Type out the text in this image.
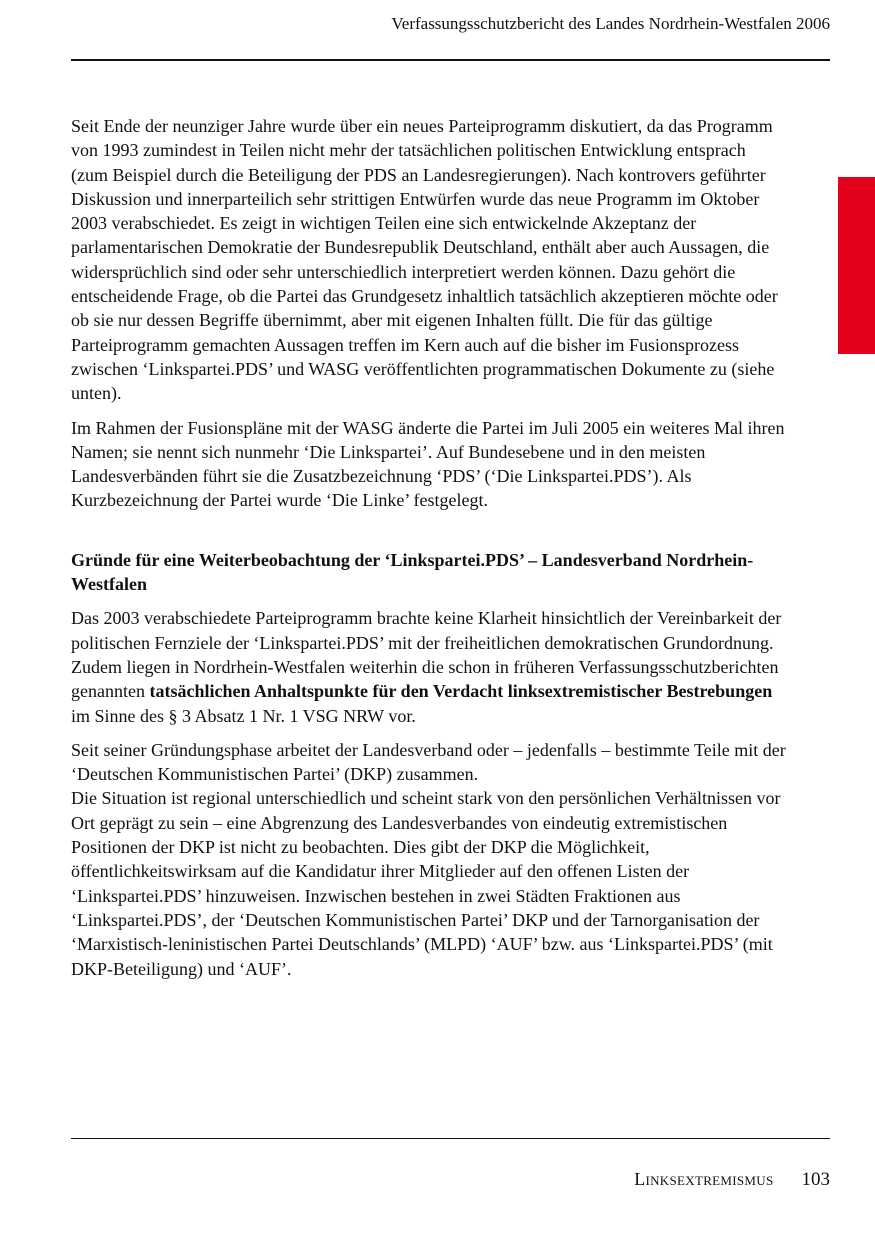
Verfassungsschutzbericht des Landes Nordrhein-Westfalen 2006

Seit Ende der neunziger Jahre wurde über ein neues Parteiprogramm diskutiert, da das Programm von 1993 zumindest in Teilen nicht mehr der tatsächlichen politischen Entwicklung entsprach (zum Beispiel durch die Beteiligung der PDS an Landesregierungen). Nach kontrovers geführter Diskussion und innerparteilich sehr strittigen Entwürfen wurde das neue Programm im Oktober 2003 verabschiedet. Es zeigt in wichtigen Teilen eine sich entwickelnde Akzeptanz der parlamentarischen Demokratie der Bundesrepublik Deutschland, enthält aber auch Aussagen, die widersprüchlich sind oder sehr unterschiedlich interpretiert werden können. Dazu gehört die entscheidende Frage, ob die Partei das Grundgesetz inhaltlich tatsächlich akzeptieren möchte oder ob sie nur dessen Begriffe übernimmt, aber mit eigenen Inhalten füllt. Die für das gültige Parteiprogramm gemachten Aussagen treffen im Kern auch auf die bisher im Fusionsprozess zwischen ‘Linkspartei.PDS’ und WASG veröffentlichten programmatischen Dokumente zu (siehe unten).

Im Rahmen der Fusionspläne mit der WASG änderte die Partei im Juli 2005 ein weiteres Mal ihren Namen; sie nennt sich nunmehr ‘Die Linkspartei’. Auf Bundesebene und in den meisten Landesverbänden führt sie die Zusatzbezeichnung ‘PDS’ (‘Die Linkspartei.PDS’). Als Kurzbezeichnung der Partei wurde ‘Die Linke’ festgelegt.

Gründe für eine Weiterbeobachtung der ‘Linkspartei.PDS’ – Landesverband Nordrhein-Westfalen

Das 2003 verabschiedete Parteiprogramm brachte keine Klarheit hinsichtlich der Vereinbarkeit der politischen Fernziele der ‘Linkspartei.PDS’ mit der freiheitlichen demokratischen Grundordnung. Zudem liegen in Nordrhein-Westfalen weiterhin die schon in früheren Verfassungsschutzberichten genannten tatsächlichen Anhaltspunkte für den Verdacht linksextremistischer Bestrebungen im Sinne des § 3 Absatz 1 Nr. 1 VSG NRW vor.

Seit seiner Gründungsphase arbeitet der Landesverband oder – jedenfalls – bestimmte Teile mit der ‘Deutschen Kommunistischen Partei’ (DKP) zusammen.
Die Situation ist regional unterschiedlich und scheint stark von den persönlichen Verhältnissen vor Ort geprägt zu sein – eine Abgrenzung des Landesverbandes von eindeutig extremistischen Positionen der DKP ist nicht zu beobachten. Dies gibt der DKP die Möglichkeit, öffentlichkeitswirksam auf die Kandidatur ihrer Mitglieder auf den offenen Listen der ‘Linkspartei.PDS’ hinzuweisen. Inzwischen bestehen in zwei Städten Fraktionen aus ‘Linkspartei.PDS’, der ‘Deutschen Kommunistischen Partei’ DKP und der Tarnorganisation der ‘Marxistisch-leninistischen Partei Deutschlands’ (MLPD) ‘AUF’ bzw. aus ‘Linkspartei.PDS’ (mit DKP-Beteiligung) und ‘AUF’.

Linksextremismus 103
